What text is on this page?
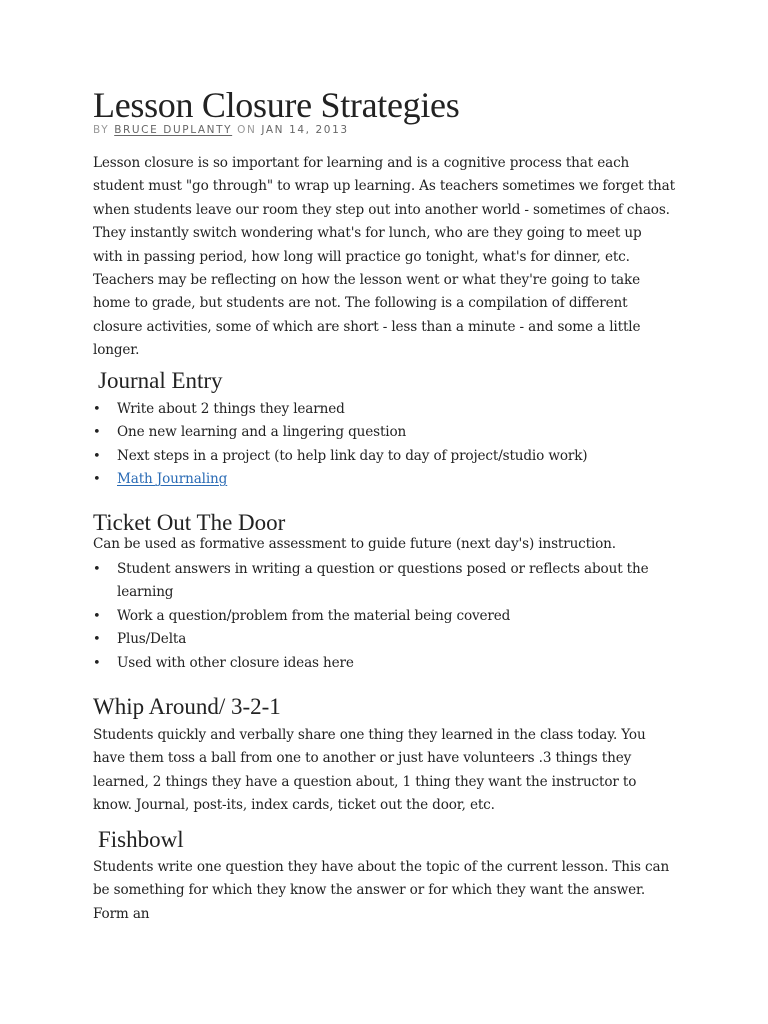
Lesson Closure Strategies
BY BRUCE DUPLANTY ON JAN 14, 2013

Lesson closure is so important for learning and is a cognitive process that each student must "go through" to wrap up learning. As teachers sometimes we forget that when students leave our room they step out into another world - sometimes of chaos. They instantly switch wondering what's for lunch, who are they going to meet up with in passing period, how long will practice go tonight, what's for dinner, etc. Teachers may be reflecting on how the lesson went or what they're going to take home to grade, but students are not. The following is a compilation of different closure activities, some of which are short - less than a minute - and some a little longer.

Journal Entry
• Write about 2 things they learned
• One new learning and a lingering question
• Next steps in a project (to help link day to day of project/studio work)
• Math Journaling
Ticket Out The Door

Can be used as formative assessment to guide future (next day's) instruction.

• Student answers in writing a question or questions posed or reflects about the learning
• Work a question/problem from the material being covered
• Plus/Delta
• Used with other closure ideas here
Whip Around/ 3-2-1

Students quickly and verbally share one thing they learned in the class today. You have them toss a ball from one to another or just have volunteers .3 things they learned, 2 things they have a question about, 1 thing they want the instructor to know. Journal, post-its, index cards, ticket out the door, etc.

Fishbowl

Students write one question they have about the topic of the current lesson. This can be something for which they know the answer or for which they want the answer. Form an
